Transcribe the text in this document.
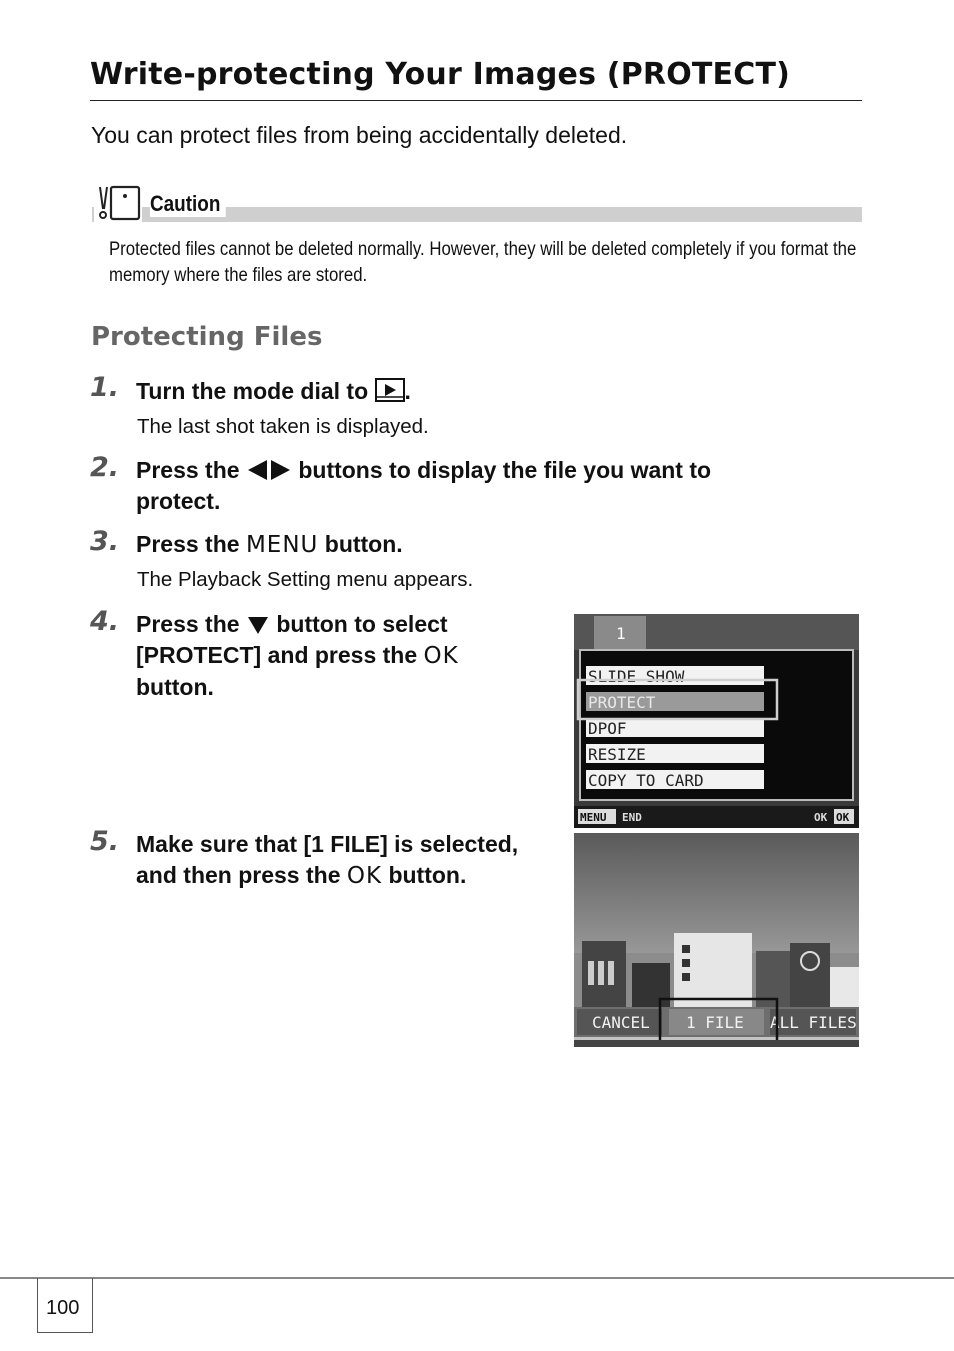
Write-protecting Your Images (PROTECT)
You can protect files from being accidentally deleted.
Caution
Protected files cannot be deleted normally. However, they will be deleted completely if you format the memory where the files are stored.
Protecting Files
1. Turn the mode dial to .
The last shot taken is displayed.
2. Press the  buttons to display the file you want to
protect.
3. Press the MENU button.
The Playback Setting menu appears.
4. Press the  button to select
[PROTECT] and press the OK
button.
1
SLIDE SHOW
PROTECT
DPOF
RESIZE
COPY TO CARD
MENU END	OK OK
5. Make sure that [1 FILE] is selected,
and then press the OK button.
CANCEL 1 FILE ALL FILES
100
